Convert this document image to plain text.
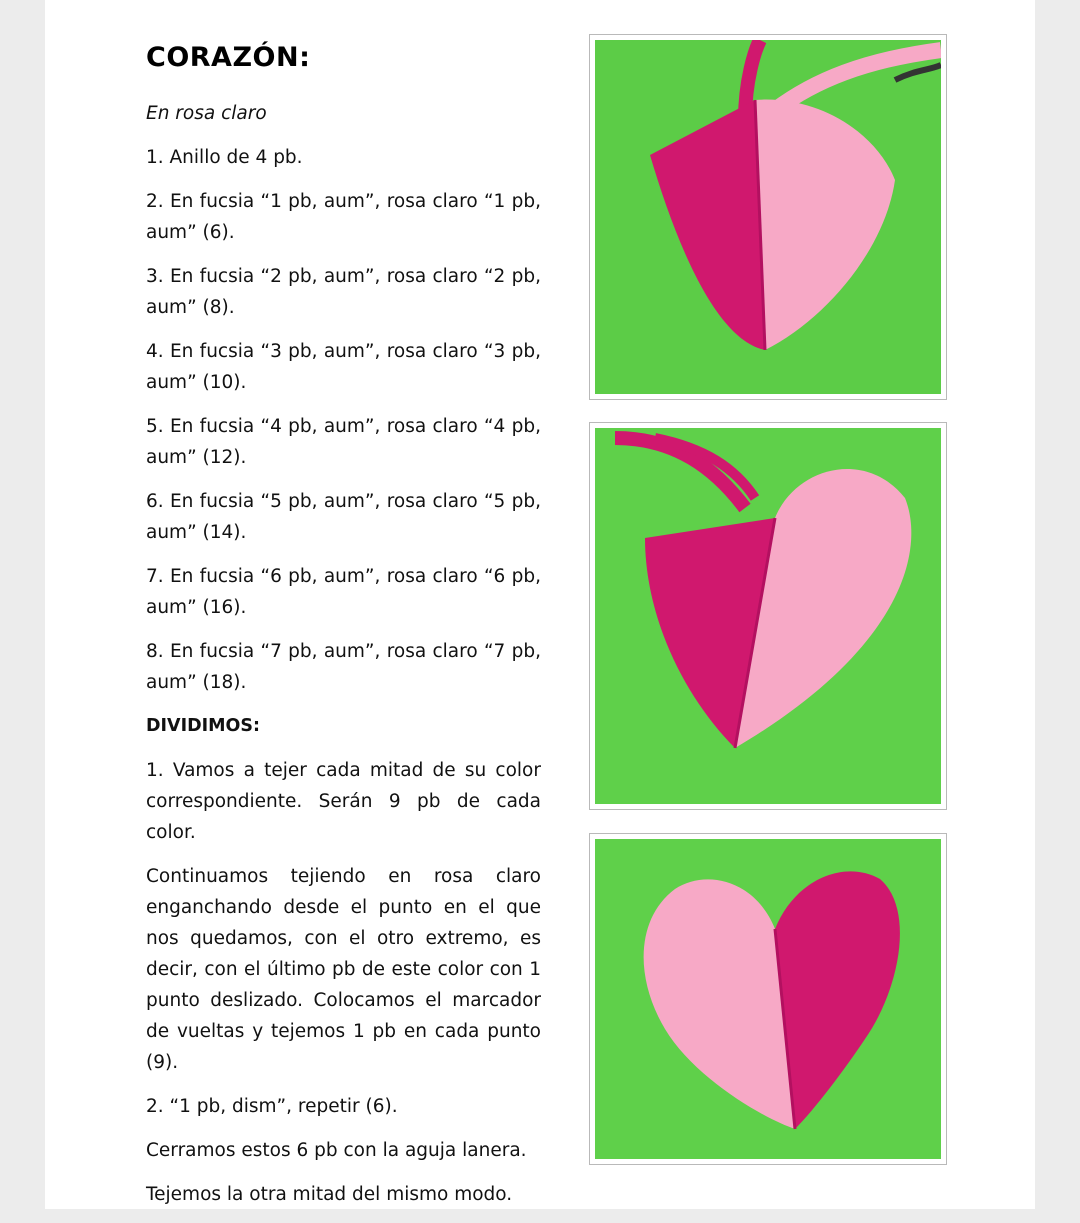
CORAZÓN:

En rosa claro

1. Anillo de 4 pb.

2. En fucsia “1 pb, aum”, rosa claro “1 pb, aum” (6).

3. En fucsia “2 pb, aum”, rosa claro “2 pb, aum” (8).

4. En fucsia “3 pb, aum”, rosa claro “3 pb, aum” (10).

5. En fucsia “4 pb, aum”, rosa claro “4 pb, aum” (12).

6. En fucsia “5 pb, aum”, rosa claro “5 pb, aum” (14).

7. En fucsia “6 pb, aum”, rosa claro “6 pb, aum” (16).

8. En fucsia “7 pb, aum”, rosa claro “7 pb, aum” (18).

DIVIDIMOS:

1. Vamos a tejer cada mitad de su color correspondiente. Serán 9 pb de cada color.

Continuamos tejiendo en rosa claro enganchando desde el punto en el que nos quedamos, con el otro extremo, es decir, con el último pb de este color con 1 punto deslizado. Colocamos el marcador de vueltas y tejemos 1 pb en cada punto (9).

2. “1 pb, dism”, repetir (6).

Cerramos estos 6 pb con la aguja lanera.

Tejemos la otra mitad del mismo modo.
